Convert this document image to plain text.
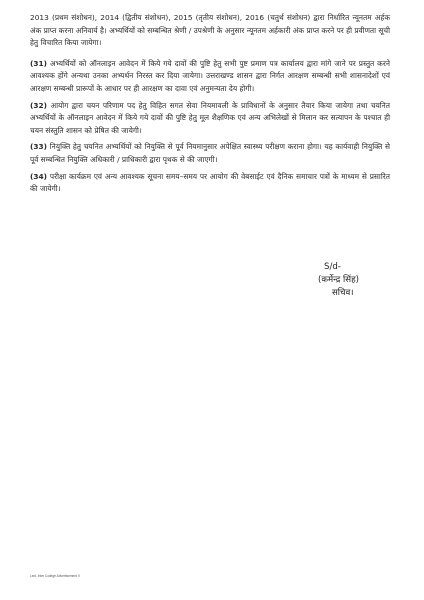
2013 (प्रथम संशोधन), 2014 (द्वितीय संशोधन), 2015 (तृतीय संशोधन), 2016 (चतुर्थ संशोधन) द्वारा निर्धारित न्यूनतम अर्हक अंक प्राप्त करना अनिवार्य है। अभ्यर्थियों को सम्बन्धित श्रेणी / उपश्रेणी के अनुसार न्यूनतम अर्हकारी अंक प्राप्त करने पर ही प्रवीणता सूची हेतु विचारित किया जायेगा।

(31) अभ्यर्थियों को ऑनलाइन आवेदन में किये गये दावों की पुष्टि हेतु सभी पुष्ट प्रमाण पत्र कार्यालय द्वारा मांगे जाने पर प्रस्तुत करने आवश्यक होंगे अन्यथा उनका अभ्यर्थन निरस्त कर दिया जायेगा। उत्तराखण्ड शासन द्वारा निर्गत आरक्षण सम्बन्धी सभी शासनादेशों एवं आरक्षण सम्बन्धी प्रारूपों के आधार पर ही आरक्षण का दावा एवं अनुमन्यता देय होगी।

(32) आयोग द्वारा चयन परिणाम पद हेतु विहित सगत सेवा नियमावली के प्राविधानों के अनुसार तैयार किया जायेगा तथा चयनित अभ्यर्थियों के ऑनलाइन आवेदन में किये गये दावों की पुष्टि हेतु मूल शैक्षणिक एवं अन्य अभिलेखों से मिलान कर सत्यापन के पश्चात ही चयन संस्तुति शासन को प्रेषित की जायेगी।

(33) नियुक्ति हेतु चयनित अभ्यर्थियों को नियुक्ति से पूर्व नियमानुसार अपेक्षित स्वास्थ्य परीक्षण कराना होगा। यह कार्यवाही नियुक्ति से पूर्व सम्बन्धित नियुक्ति अधिकारी / प्राधिकारी द्वारा पृथक से की जाएगी।

(34) परीक्षा कार्यक्रम एवं अन्य आवश्यक सूचना समय–समय पर आयोग की वेबसाईट एवं दैनिक समाचार पत्रों के माध्यम से प्रसारित की जायेगी।

S/d-
(कर्मेन्द्र सिंह)
सचिव।
Lect. Inter College Advertisement II
